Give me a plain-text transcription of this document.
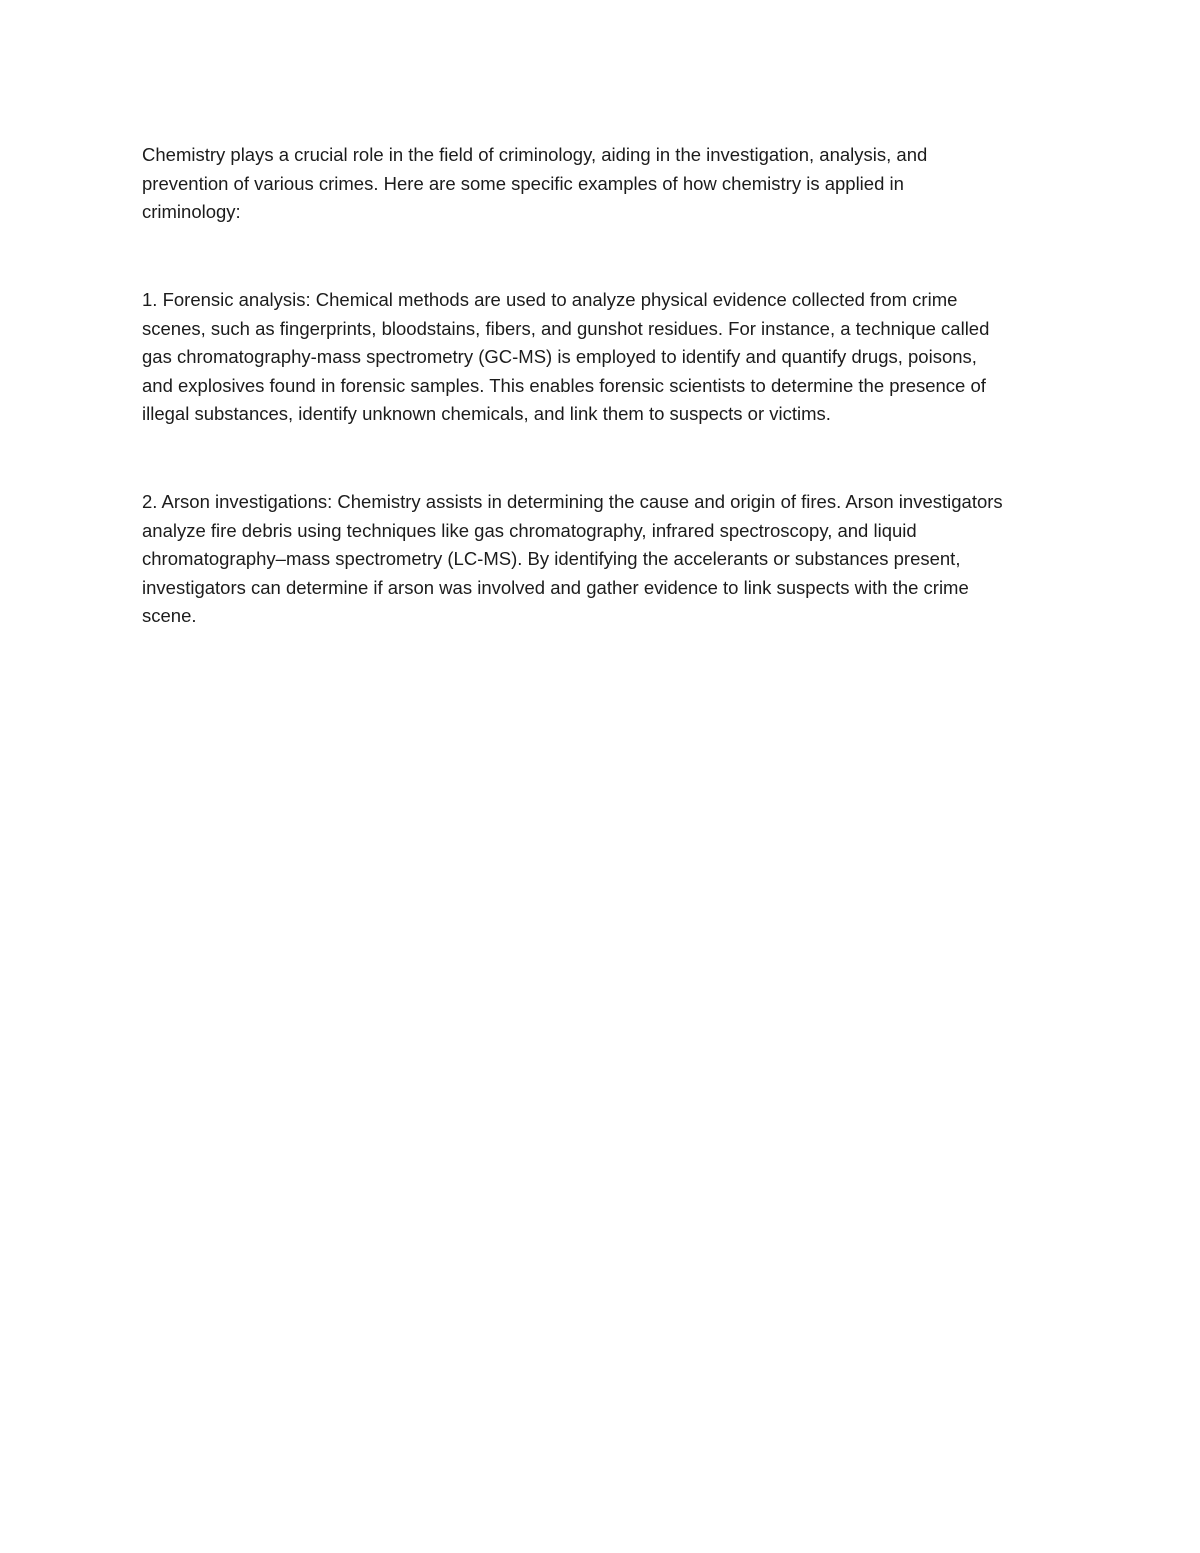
Chemistry plays a crucial role in the field of criminology, aiding in the investigation, analysis, and
prevention of various crimes. Here are some specific examples of how chemistry is applied in
criminology:

1. Forensic analysis: Chemical methods are used to analyze physical evidence collected from crime
scenes, such as fingerprints, bloodstains, fibers, and gunshot residues. For instance, a technique called
gas chromatography-mass spectrometry (GC-MS) is employed to identify and quantify drugs, poisons,
and explosives found in forensic samples. This enables forensic scientists to determine the presence of
illegal substances, identify unknown chemicals, and link them to suspects or victims.

2. Arson investigations: Chemistry assists in determining the cause and origin of fires. Arson investigators
analyze fire debris using techniques like gas chromatography, infrared spectroscopy, and liquid
chromatography–mass spectrometry (LC-MS). By identifying the accelerants or substances present,
investigators can determine if arson was involved and gather evidence to link suspects with the crime
scene.
